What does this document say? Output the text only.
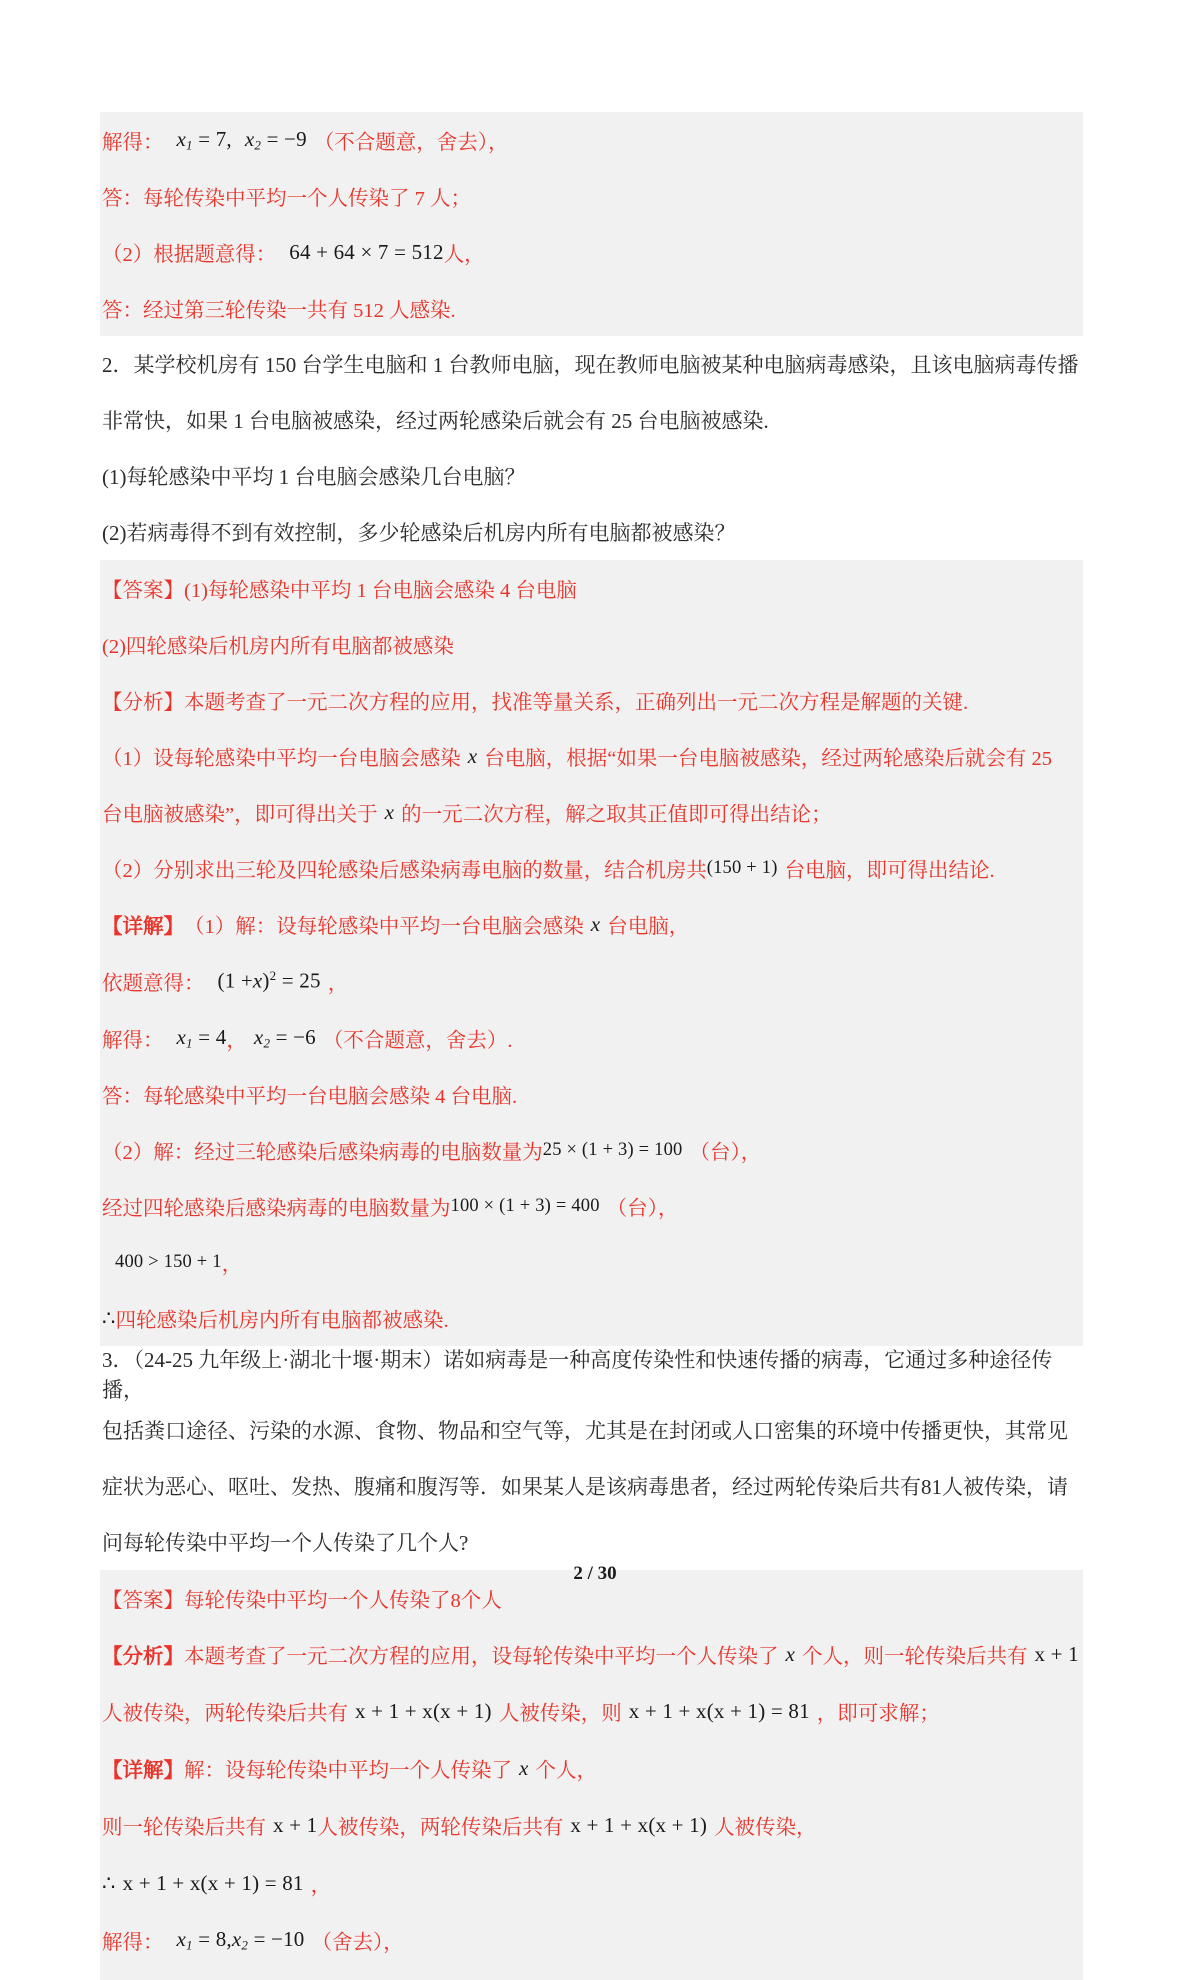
解得： $x_1 = 7$, $x_2 = -9$ （不合题意，舍去），
答：每轮传染中平均一个人传染了 7 人；
（2）根据题意得： 64 + 64 × 7 = 512 人，
答：经过第三轮传染一共有 512 人感染.
2．某学校机房有 150 台学生电脑和 1 台教师电脑，现在教师电脑被某种电脑病毒感染，且该电脑病毒传播
非常快，如果 1 台电脑被感染，经过两轮感染后就会有 25 台电脑被感染.
(1)每轮感染中平均 1 台电脑会感染几台电脑？
(2)若病毒得不到有效控制，多少轮感染后机房内所有电脑都被感染？
【答案】(1)每轮感染中平均 1 台电脑会感染 4 台电脑
(2)四轮感染后机房内所有电脑都被感染
【分析】本题考查了一元二次方程的应用，找准等量关系，正确列出一元二次方程是解题的关键.
（1）设每轮感染中平均一台电脑会感染 x 台电脑，根据“如果一台电脑被感染，经过两轮感染后就会有 25
台电脑被感染”，即可得出关于 x 的一元二次方程，解之取其正值即可得出结论；
（2）分别求出三轮及四轮感染后感染病毒电脑的数量，结合机房共 (150 + 1) 台电脑，即可得出结论.
【详解】 （1）解：设每轮感染中平均一台电脑会感染 x 台电脑，
依题意得： $(1 +x)^2 = 25$ ，
解得： $x_1 = 4$ ， $x_2 = -6$ （不合题意，舍去）.
答：每轮感染中平均一台电脑会感染 4 台电脑.
（2）解：经过三轮感染后感染病毒的电脑数量为 25 × (1 + 3) = 100 （台），
经过四轮感染后感染病毒的电脑数量为 100 × (1 + 3) = 400 （台），
400 > 150 + 1 ，
∴ 四轮感染后机房内所有电脑都被感染.
3．（24-25 九年级上·湖北十堰·期末）诺如病毒是一种高度传染性和快速传播的病毒，它通过多种途径传播，
包括粪口途径、污染的水源、食物、物品和空气等，尤其是在封闭或人口密集的环境中传播更快，其常见
症状为恶心、呕吐、发热、腹痛和腹泻等．如果某人是该病毒患者，经过两轮传染后共有81人被传染，请
问每轮传染中平均一个人传染了几个人?
【答案】每轮传染中平均一个人传染了8个人
【分析】 本题考查了一元二次方程的应用，设每轮传染中平均一个人传染了 x 个人，则一轮传染后共有 x + 1
人被传染，两轮传染后共有 x + 1 + x(x + 1) 人被传染，则 x + 1 + x(x + 1) = 81 ，即可求解；
【详解】 解：设每轮传染中平均一个人传染了 x 个人，
则一轮传染后共有 x + 1 人被传染，两轮传染后共有 x + 1 + x(x + 1) 人被传染，
∴ x + 1 + x(x + 1) = 81 ，
解得： $x_1 = 8,x_2 = -10$ （舍去），
2 / 30
